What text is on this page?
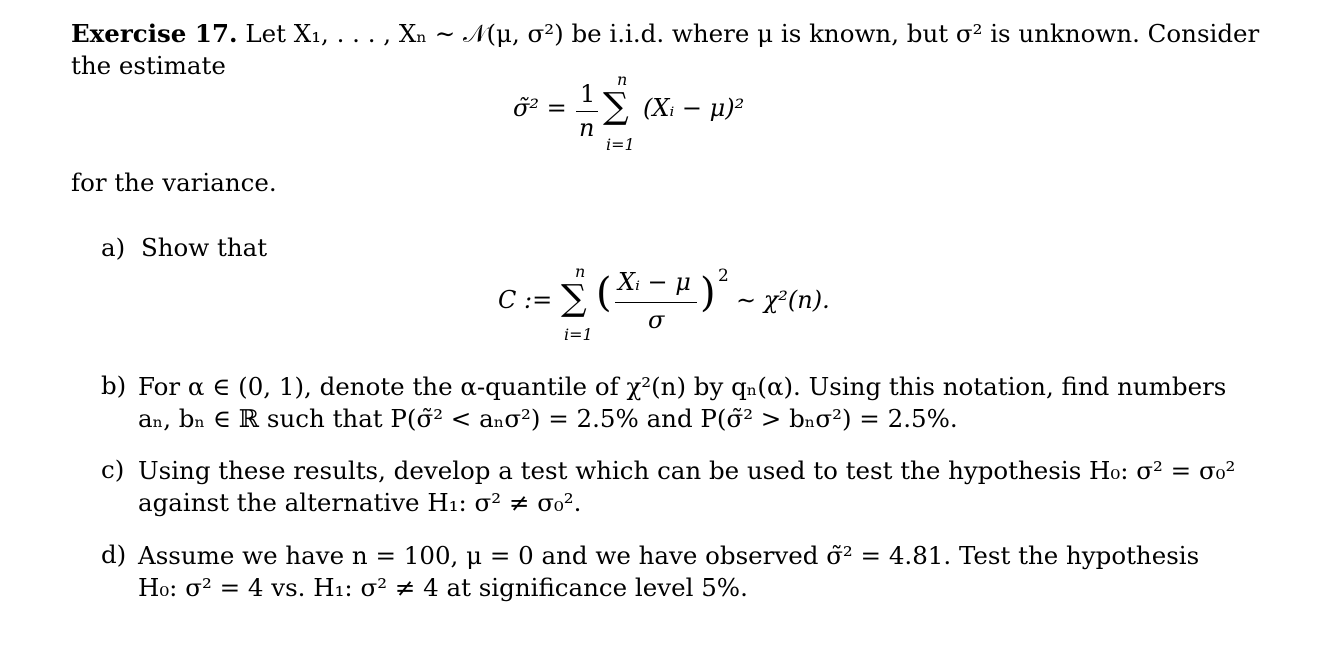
Exercise 17. Let X₁, . . . , Xₙ ∼ 𝒩(μ, σ²) be i.i.d. where μ is known, but σ² is unknown. Consider
the estimate
σ̃² = 1
n
n
∑
i=1
(Xᵢ − μ)²
for the variance.
a) Show that
C :=
n
∑
i=1
( Xᵢ − μ
σ
) 2
∼ χ²(n).
b) For α ∈ (0, 1), denote the α-quantile of χ²(n) by qₙ(α). Using this notation, find numbers
aₙ, bₙ ∈ ℝ such that P(σ̃² < aₙσ²) = 2.5% and P(σ̃² > bₙσ²) = 2.5%.
c) Using these results, develop a test which can be used to test the hypothesis H₀: σ² = σ₀²
against the alternative H₁: σ² ≠ σ₀².
d) Assume we have n = 100, μ = 0 and we have observed σ̃² = 4.81. Test the hypothesis
H₀: σ² = 4 vs. H₁: σ² ≠ 4 at significance level 5%.
